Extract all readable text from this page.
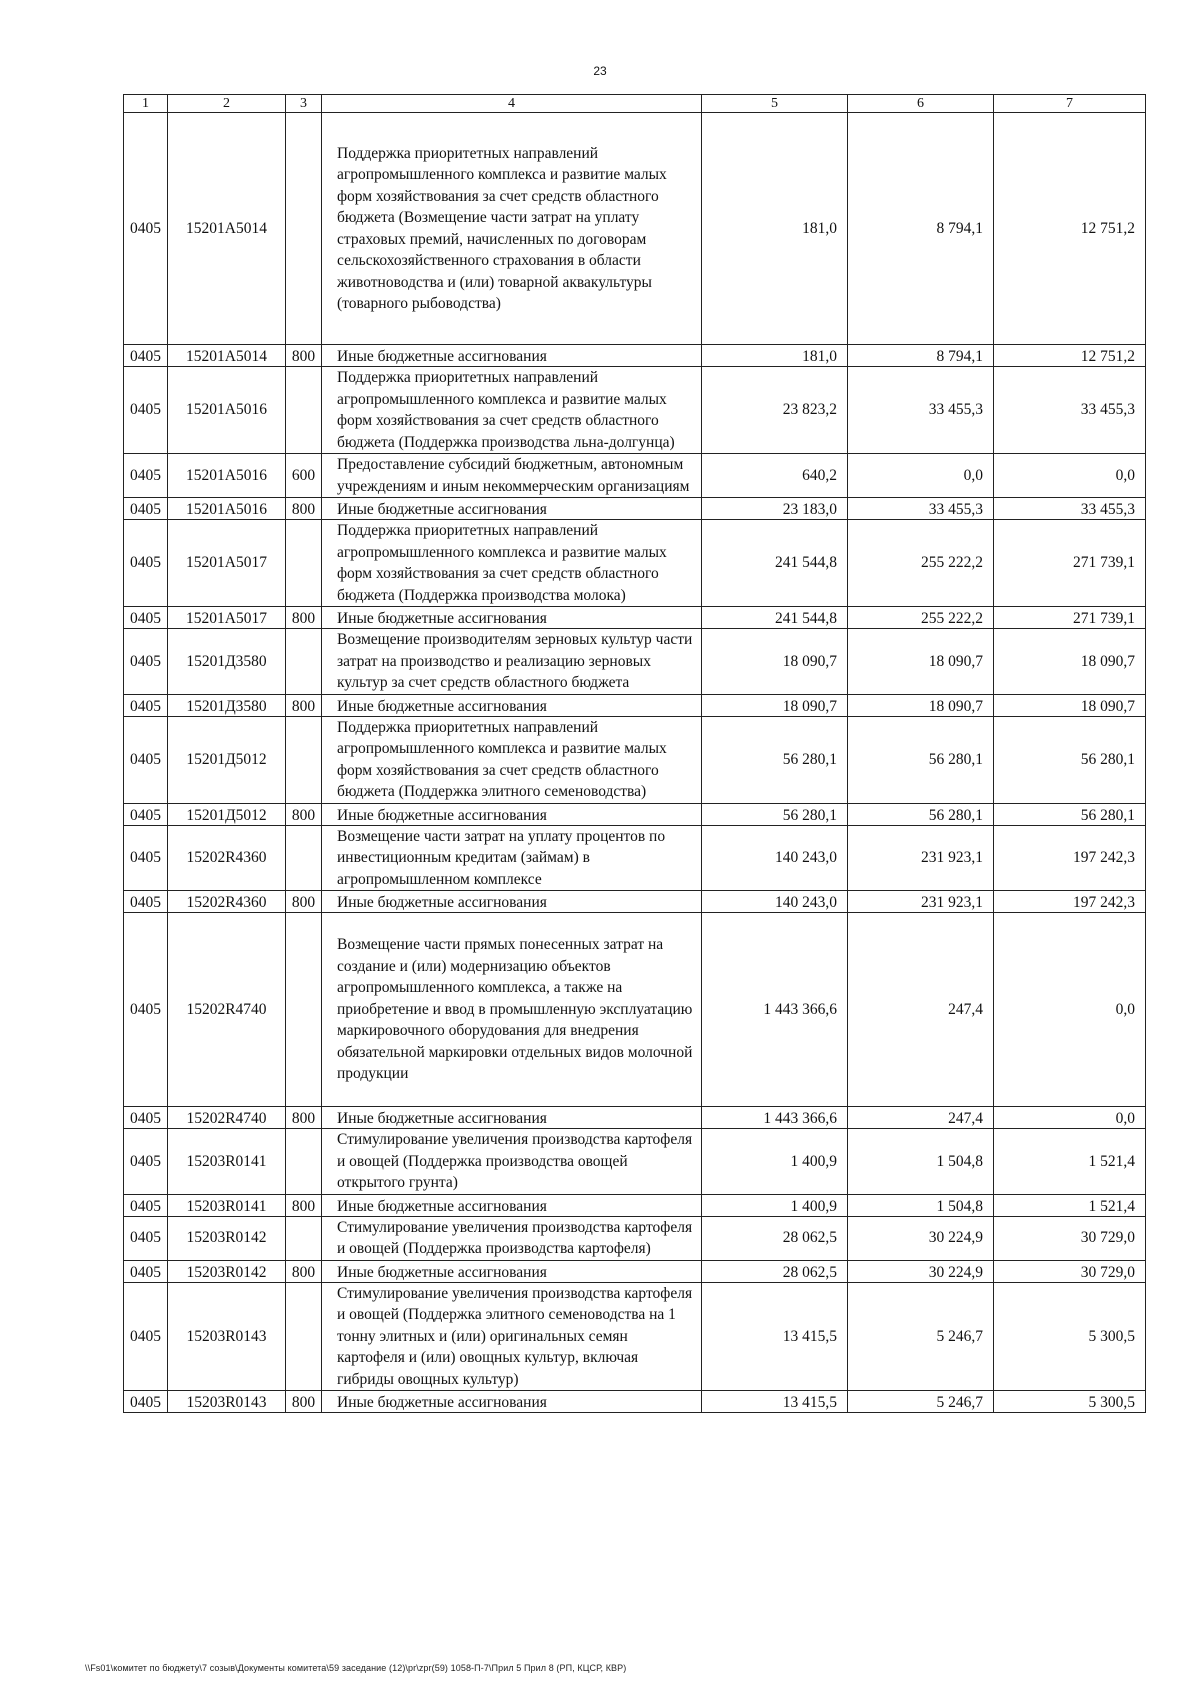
23
1	2	3	4	5	6	7
0405	15201A5014		Поддержка приоритетных направлений агропромышленного комплекса и развитие малых форм хозяйствования за счет средств областного бюджета (Возмещение части затрат на уплату страховых премий, начисленных по договорам сельскохозяйственного страхования в области животноводства и (или) товарной аквакультуры (товарного рыбоводства)	181,0	8 794,1	12 751,2
0405	15201A5014	800	Иные бюджетные ассигнования	181,0	8 794,1	12 751,2
0405	15201A5016		Поддержка приоритетных направлений агропромышленного комплекса и развитие малых форм хозяйствования за счет средств областного бюджета (Поддержка производства льна-долгунца)	23 823,2	33 455,3	33 455,3
0405	15201A5016	600	Предоставление субсидий бюджетным, автономным учреждениям и иным некоммерческим организациям	640,2	0,0	0,0
0405	15201A5016	800	Иные бюджетные ассигнования	23 183,0	33 455,3	33 455,3
0405	15201A5017		Поддержка приоритетных направлений агропромышленного комплекса и развитие малых форм хозяйствования за счет средств областного бюджета (Поддержка производства молока)	241 544,8	255 222,2	271 739,1
0405	15201A5017	800	Иные бюджетные ассигнования	241 544,8	255 222,2	271 739,1
0405	15201Д3580		Возмещение производителям зерновых культур части затрат на производство и реализацию зерновых культур за счет средств областного бюджета	18 090,7	18 090,7	18 090,7
0405	15201Д3580	800	Иные бюджетные ассигнования	18 090,7	18 090,7	18 090,7
0405	15201Д5012		Поддержка приоритетных направлений агропромышленного комплекса и развитие малых форм хозяйствования за счет средств областного бюджета (Поддержка элитного семеноводства)	56 280,1	56 280,1	56 280,1
0405	15201Д5012	800	Иные бюджетные ассигнования	56 280,1	56 280,1	56 280,1
0405	15202R4360		Возмещение части затрат на уплату процентов по инвестиционным кредитам (займам) в агропромышленном комплексе	140 243,0	231 923,1	197 242,3
0405	15202R4360	800	Иные бюджетные ассигнования	140 243,0	231 923,1	197 242,3
0405	15202R4740		Возмещение части прямых понесенных затрат на создание и (или) модернизацию объектов агропромышленного комплекса, а также на приобретение и ввод в промышленную эксплуатацию маркировочного оборудования для внедрения обязательной маркировки отдельных видов молочной продукции	1 443 366,6	247,4	0,0
0405	15202R4740	800	Иные бюджетные ассигнования	1 443 366,6	247,4	0,0
0405	15203R0141		Стимулирование увеличения производства картофеля и овощей (Поддержка производства овощей открытого грунта)	1 400,9	1 504,8	1 521,4
0405	15203R0141	800	Иные бюджетные ассигнования	1 400,9	1 504,8	1 521,4
0405	15203R0142		Стимулирование увеличения производства картофеля и овощей (Поддержка производства картофеля)	28 062,5	30 224,9	30 729,0
0405	15203R0142	800	Иные бюджетные ассигнования	28 062,5	30 224,9	30 729,0
0405	15203R0143		Стимулирование увеличения производства картофеля и овощей (Поддержка элитного семеноводства на 1 тонну элитных и (или) оригинальных семян картофеля и (или) овощных культур, включая гибриды овощных культур)	13 415,5	5 246,7	5 300,5
0405	15203R0143	800	Иные бюджетные ассигнования	13 415,5	5 246,7	5 300,5
\\Fs01\комитет по бюджету\7 созыв\Документы комитета\59 заседание (12)\pr\zpr(59) 1058-П-7\Прил 5 Прил 8 (РП, КЦСР, КВР)
